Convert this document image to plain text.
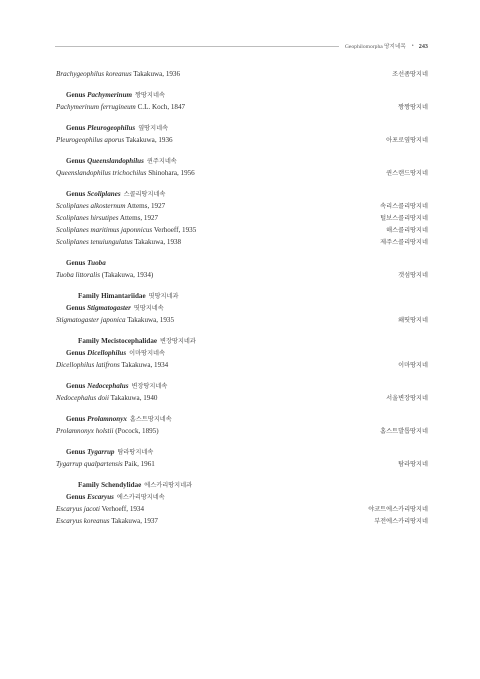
Geophilomorpha 땅지네목 • 243
Brachygeophilus koreanus Takakuwa, 1936	조선좀땅지네
Genus Pachymerinum 짱땅지네속
Pachymerinum ferrugineum C.L. Koch, 1847	짱짱땅지네
Genus Pleurogeophilus 옆땅지네속
Pleurogeophilus aporus Takakuwa, 1936	아포로옆땅지네
Genus Queenslandophilus 퀸주지네속
Queenslandophilus trichochilus Shinohara, 1956	퀸스랜드땅지네
Genus Scoliplanes 스콜리땅지네속
Scoliplanes alkosternum Attems, 1927	속리스콜리땅지네
Scoliplanes hirsutipes Attems, 1927	털보스콜리땅지네
Scoliplanes maritimus japonnicus Verhoeff, 1935	해스콜리땅지네
Scoliplanes tenuiungulatus Takakuwa, 1938	제주스콜리땅지네
Genus Tuoba
Tuoba littoralis (Takakuwa, 1934)	갯섬땅지네
Family Himantariidae 띳땅지네과
Genus Stigmatogaster 띳땅지네속
Stigmatogaster japonica Takakuwa, 1935	왜띳땅지네
Family Mecistocephalidae 변장땅지네과
Genus Dicellophilus 이마땅지네속
Dicellophilus latifrons Takakuwa, 1934	이마땅지네
Genus Nedocephalus 변장땅지네속
Nedocephalus doii Takakuwa, 1940	서울변장땅지네
Genus Prolamnonyx 홈스트땅지네속
Prolamnonyx holstii (Pocock, 1895)	홈스트발톱땅지네
Genus Tygarrup 탐라땅지네속
Tygarrup qualpartensis Paik, 1961	탐라땅지네
Family Schendylidae 에스카리땅지네과
Genus Escaryus 에스카리땅지네속
Escaryus jacoti Verhoeff, 1934	야코트에스카리땅지네
Escaryus koreanus Takakuwa, 1937	부전에스카리땅지네
